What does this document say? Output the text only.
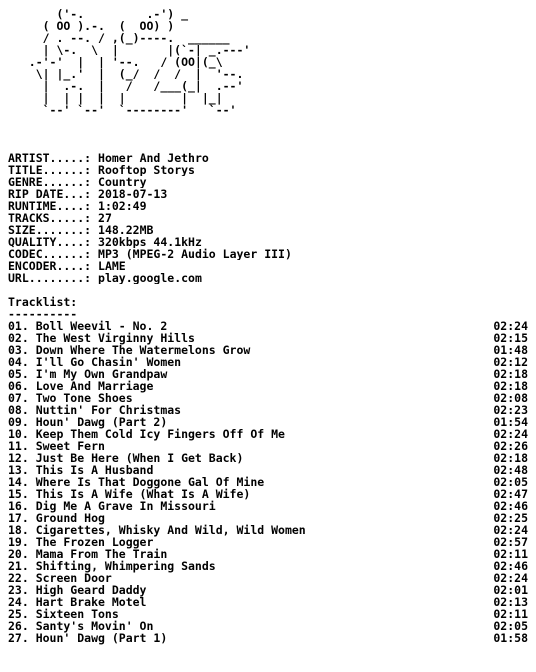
('-.         .-') _
( OO ).-.  (  OO) )
/ . --. / ,(_)----.  ______
| \-.  \  |       |(`-| _.---'
.-'-'  |  | '--.   / (OO|(_\
\| |_.'  |  (_/  /  /  |  '--.
|  .-.  |   /   /___(_|  .--'
|  | |  |  |        |  |_|
`--' `--'  `--------'   `--'
ARTIST.....: Homer And Jethro
TITLE......: Rooftop Storys
GENRE......: Country
RIP DATE...: 2018-07-13
RUNTIME....: 1:02:49
TRACKS.....: 27
SIZE.......: 148.22MB
QUALITY....: 320kbps 44.1kHz
CODEC......: MP3 (MPEG-2 Audio Layer III)
ENCODER....: LAME
URL........: play.google.com
Tracklist:
----------
01. Boll Weevil - No. 2	02:24
02. The West Virginny Hills	02:15
03. Down Where The Watermelons Grow	01:48
04. I'll Go Chasin' Women	02:12
05. I'm My Own Grandpaw	02:18
06. Love And Marriage	02:18
07. Two Tone Shoes	02:08
08. Nuttin' For Christmas	02:23
09. Houn' Dawg (Part 2)	01:54
10. Keep Them Cold Icy Fingers Off Of Me	02:24
11. Sweet Fern	02:26
12. Just Be Here (When I Get Back)	02:18
13. This Is A Husband	02:48
14. Where Is That Doggone Gal Of Mine	02:05
15. This Is A Wife (What Is A Wife)	02:47
16. Dig Me A Grave In Missouri	02:46
17. Ground Hog	02:25
18. Cigarettes, Whisky And Wild, Wild Women	02:24
19. The Frozen Logger	02:57
20. Mama From The Train	02:11
21. Shifting, Whimpering Sands	02:46
22. Screen Door	02:24
23. High Geard Daddy	02:01
24. Hart Brake Motel	02:13
25. Sixteen Tons	02:11
26. Santy's Movin' On	02:05
27. Houn' Dawg (Part 1)	01:58
